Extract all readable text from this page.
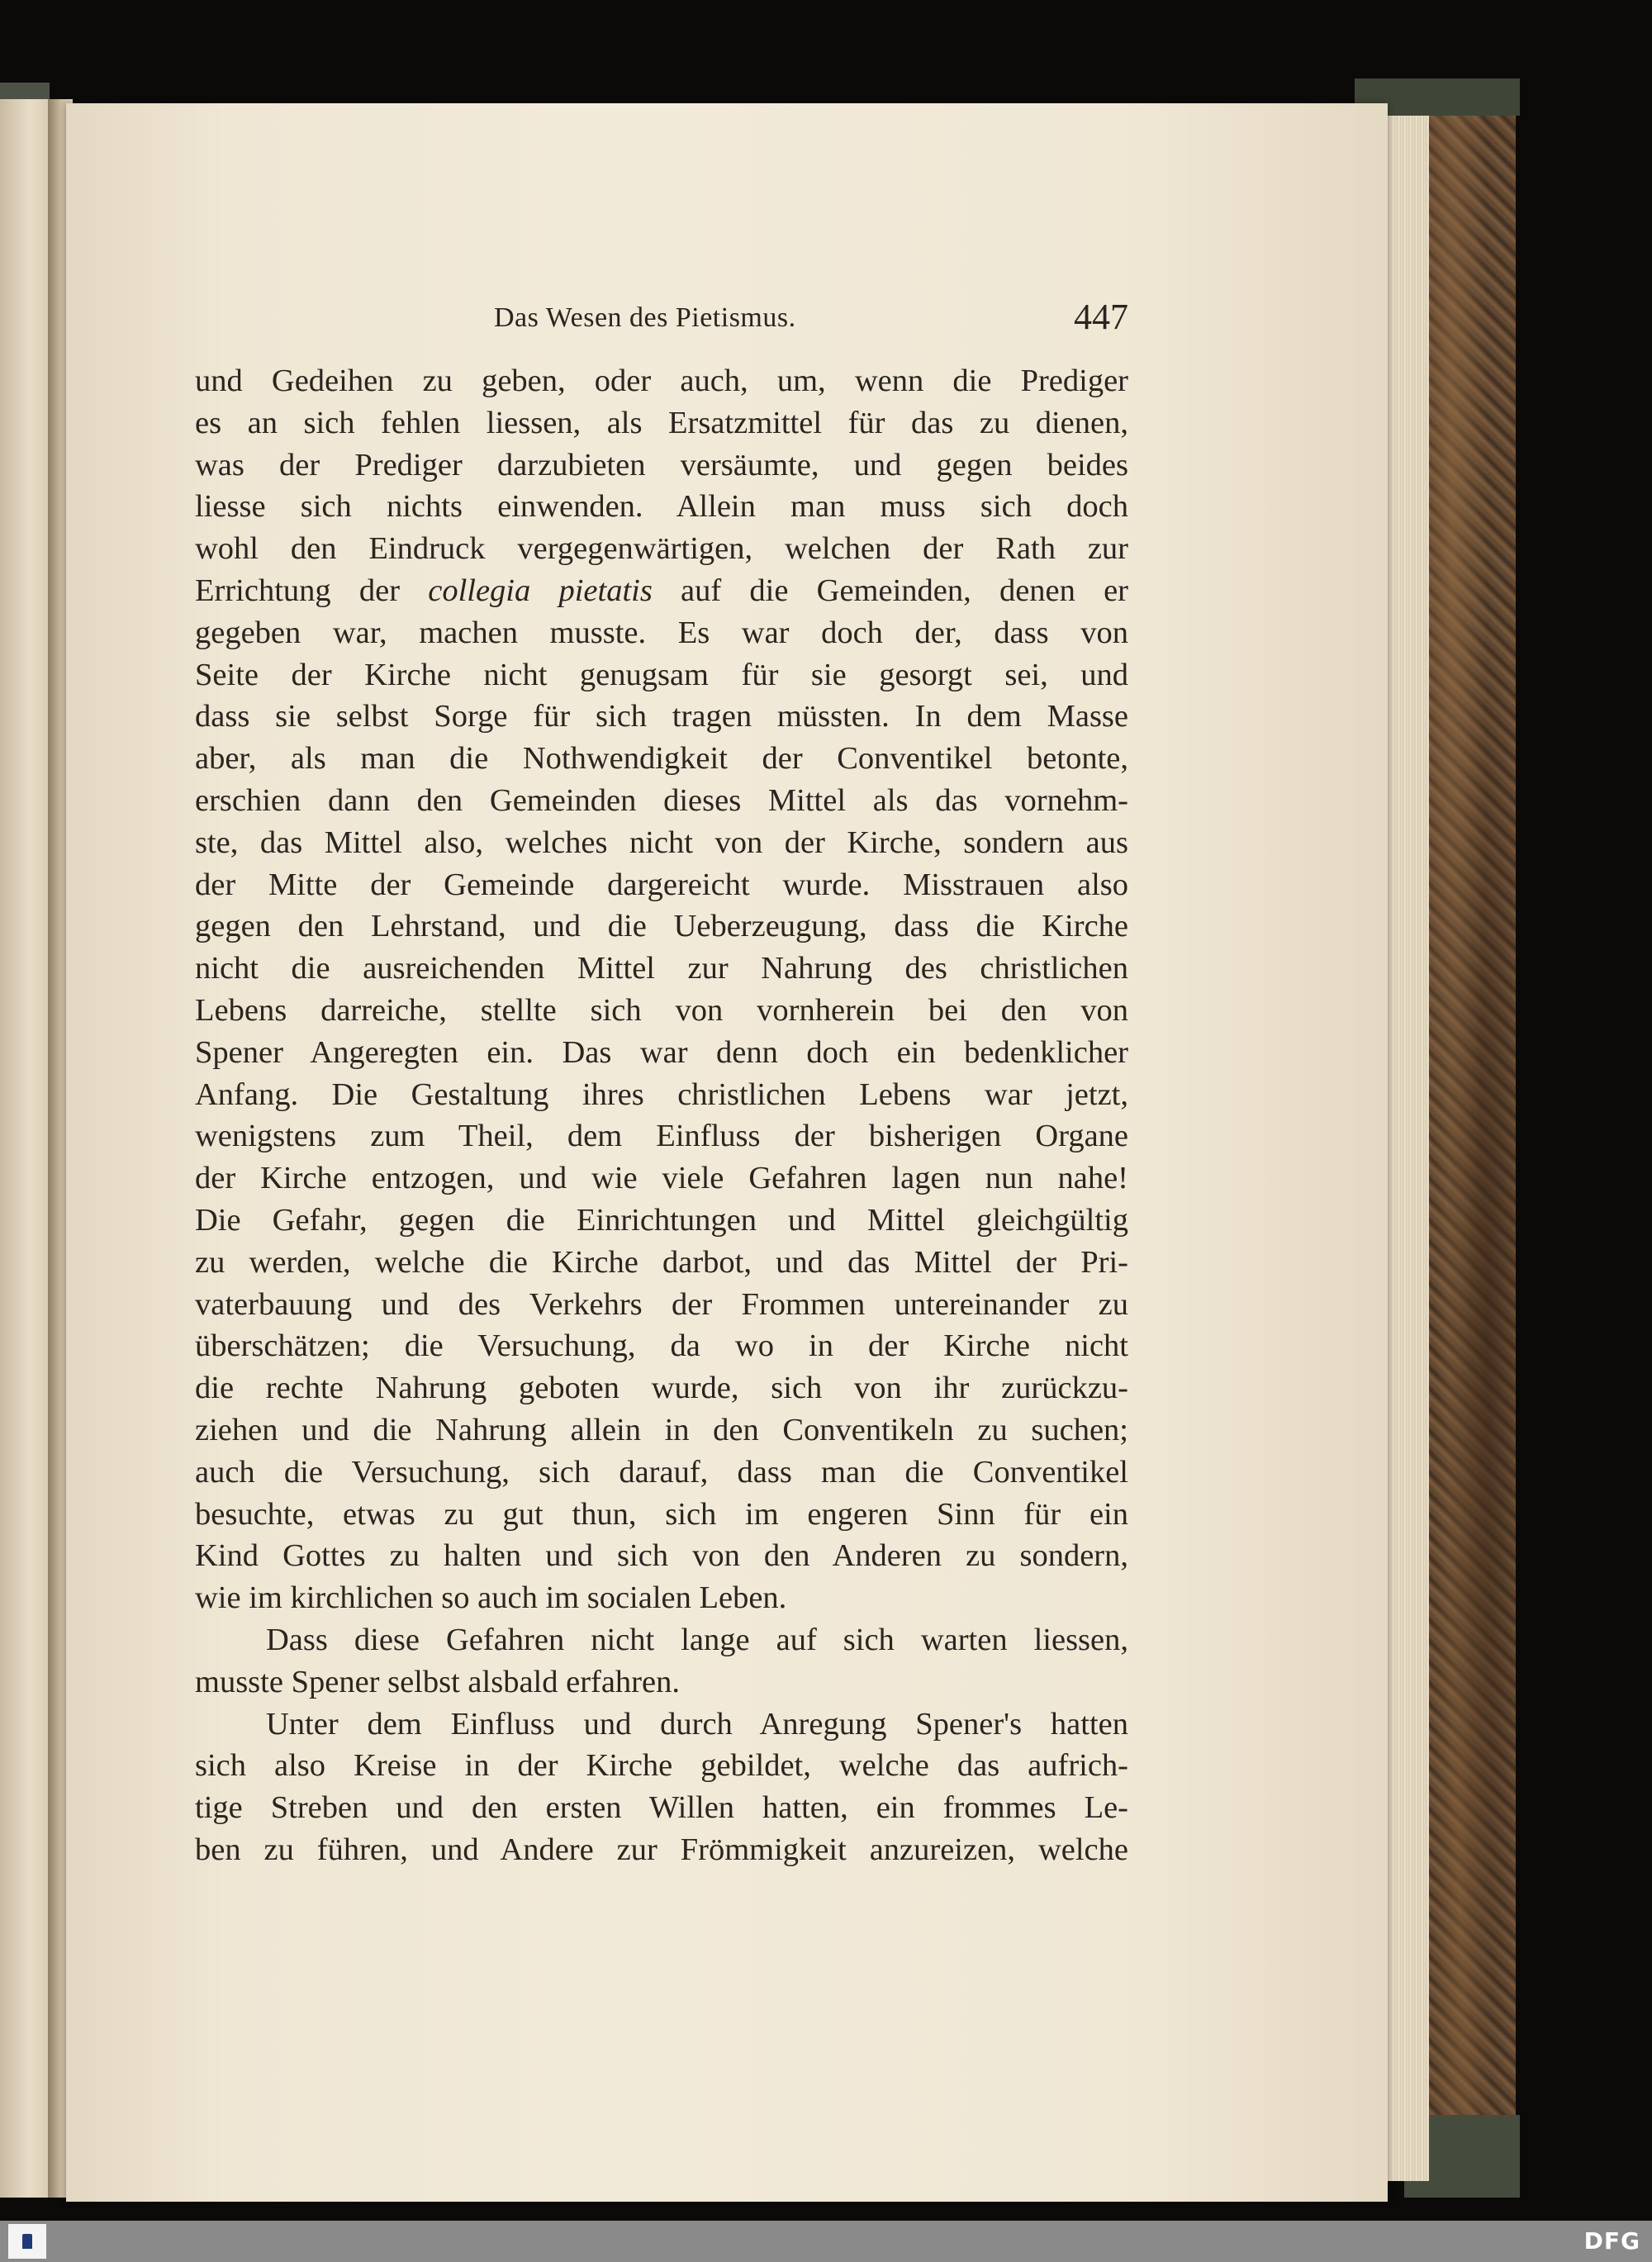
Das Wesen des Pietismus.	447
und Gedeihen zu geben, oder auch, um, wenn die Prediger
es an sich fehlen liessen, als Ersatzmittel für das zu dienen,
was der Prediger darzubieten versäumte, und gegen beides
liesse sich nichts einwenden. Allein man muss sich doch
wohl den Eindruck vergegenwärtigen, welchen der Rath zur
Errichtung der collegia pietatis auf die Gemeinden, denen er
gegeben war, machen musste. Es war doch der, dass von
Seite der Kirche nicht genugsam für sie gesorgt sei, und
dass sie selbst Sorge für sich tragen müssten. In dem Masse
aber, als man die Nothwendigkeit der Conventikel betonte,
erschien dann den Gemeinden dieses Mittel als das vornehm-
ste, das Mittel also, welches nicht von der Kirche, sondern aus
der Mitte der Gemeinde dargereicht wurde. Misstrauen also
gegen den Lehrstand, und die Ueberzeugung, dass die Kirche
nicht die ausreichenden Mittel zur Nahrung des christlichen
Lebens darreiche, stellte sich von vornherein bei den von
Spener Angeregten ein. Das war denn doch ein bedenklicher
Anfang. Die Gestaltung ihres christlichen Lebens war jetzt,
wenigstens zum Theil, dem Einfluss der bisherigen Organe
der Kirche entzogen, und wie viele Gefahren lagen nun nahe!
Die Gefahr, gegen die Einrichtungen und Mittel gleichgültig
zu werden, welche die Kirche darbot, und das Mittel der Pri-
vaterbauung und des Verkehrs der Frommen untereinander zu
überschätzen; die Versuchung, da wo in der Kirche nicht
die rechte Nahrung geboten wurde, sich von ihr zurückzu-
ziehen und die Nahrung allein in den Conventikeln zu suchen;
auch die Versuchung, sich darauf, dass man die Conventikel
besuchte, etwas zu gut thun, sich im engeren Sinn für ein
Kind Gottes zu halten und sich von den Anderen zu sondern,
wie im kirchlichen so auch im socialen Leben.
Dass diese Gefahren nicht lange auf sich warten liessen,
musste Spener selbst alsbald erfahren.
Unter dem Einfluss und durch Anregung Spener's hatten
sich also Kreise in der Kirche gebildet, welche das aufrich-
tige Streben und den ersten Willen hatten, ein frommes Le-
ben zu führen, und Andere zur Frömmigkeit anzureizen, welche
DFG
